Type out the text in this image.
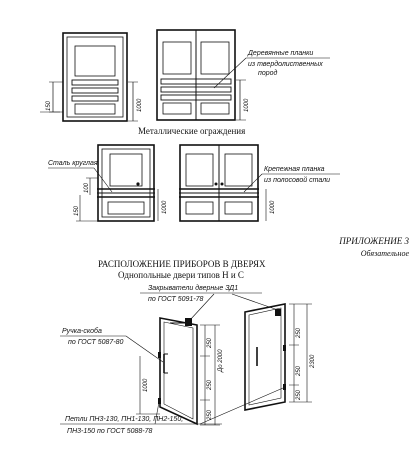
150	1000	1000
Деревянные планки
из твердолиственных
пород
100
150	1000	1000
Сталь круглая
Крепежная планка
из полосовой стали
1000
250
250
250
До 2000
250
250
250
2300
Закрыватели дверные ЗД1
по ГОСТ 5091-78
Ручка-скоба
по ГОСТ 5087-80
Петли ПН3-130, ПН1-130, ПН2-150,
ПН3-150 по ГОСТ 5088-78
Металлические ограждения
ПРИЛОЖЕНИЕ 3
Обязательное
РАСПОЛОЖЕНИЕ ПРИБОРОВ В ДВЕРЯХ
Однопольные двери типов Н и С
